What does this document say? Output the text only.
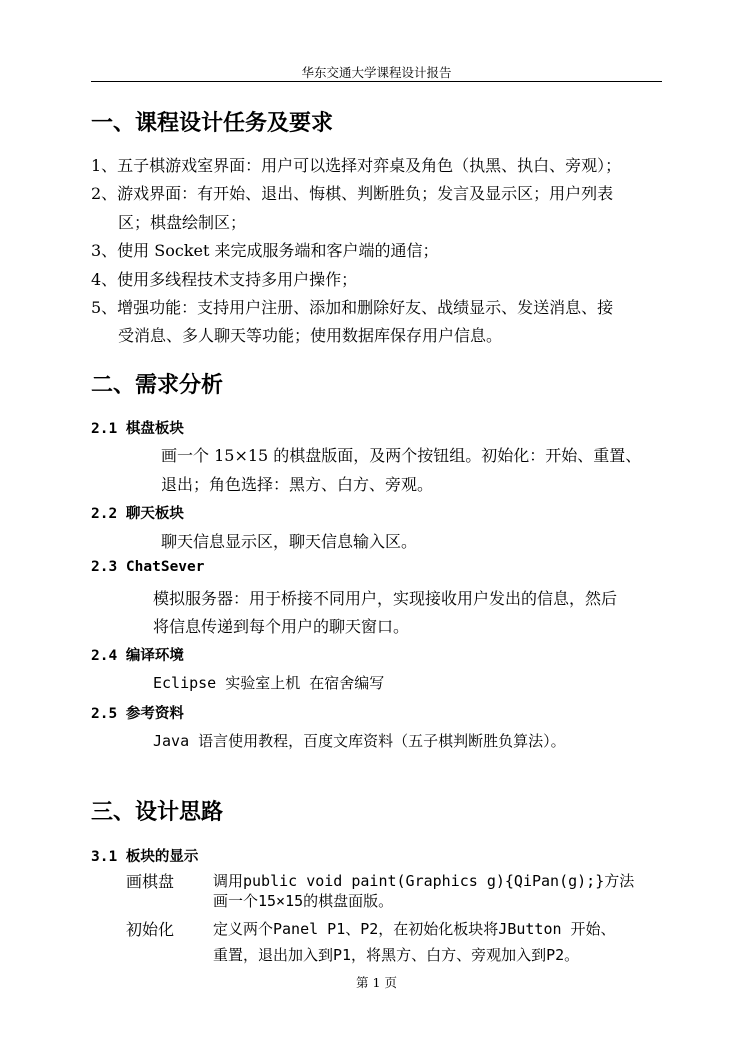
华东交通大学课程设计报告
一、课程设计任务及要求
1、五子棋游戏室界面：用户可以选择对弈桌及角色（执黑、执白、旁观）；
2、游戏界面：有开始、退出、悔棋、判断胜负；发言及显示区；用户列表
区；棋盘绘制区；
3、使用 Socket 来完成服务端和客户端的通信；
4、使用多线程技术支持多用户操作；
5、增强功能：支持用户注册、添加和删除好友、战绩显示、发送消息、接
受消息、多人聊天等功能；使用数据库保存用户信息。
二、需求分析
2.1 棋盘板块
画一个 15×15 的棋盘版面，及两个按钮组。初始化：开始、重置、
退出；角色选择：黑方、白方、旁观。
2.2 聊天板块
聊天信息显示区，聊天信息输入区。
2.3 ChatSever
模拟服务器：用于桥接不同用户，实现接收用户发出的信息，然后
将信息传递到每个用户的聊天窗口。
2.4 编译环境
Eclipse 实验室上机 在宿舍编写
2.5 参考资料
Java 语言使用教程，百度文库资料（五子棋判断胜负算法）。
三、设计思路
3.1 板块的显示
画棋盘	调用public void paint(Graphics g){QiPan(g);}方法
画一个15×15的棋盘面版。
初始化	定义两个Panel P1、P2，在初始化板块将JButton 开始、
重置，退出加入到P1，将黑方、白方、旁观加入到P2。
第 1 页
